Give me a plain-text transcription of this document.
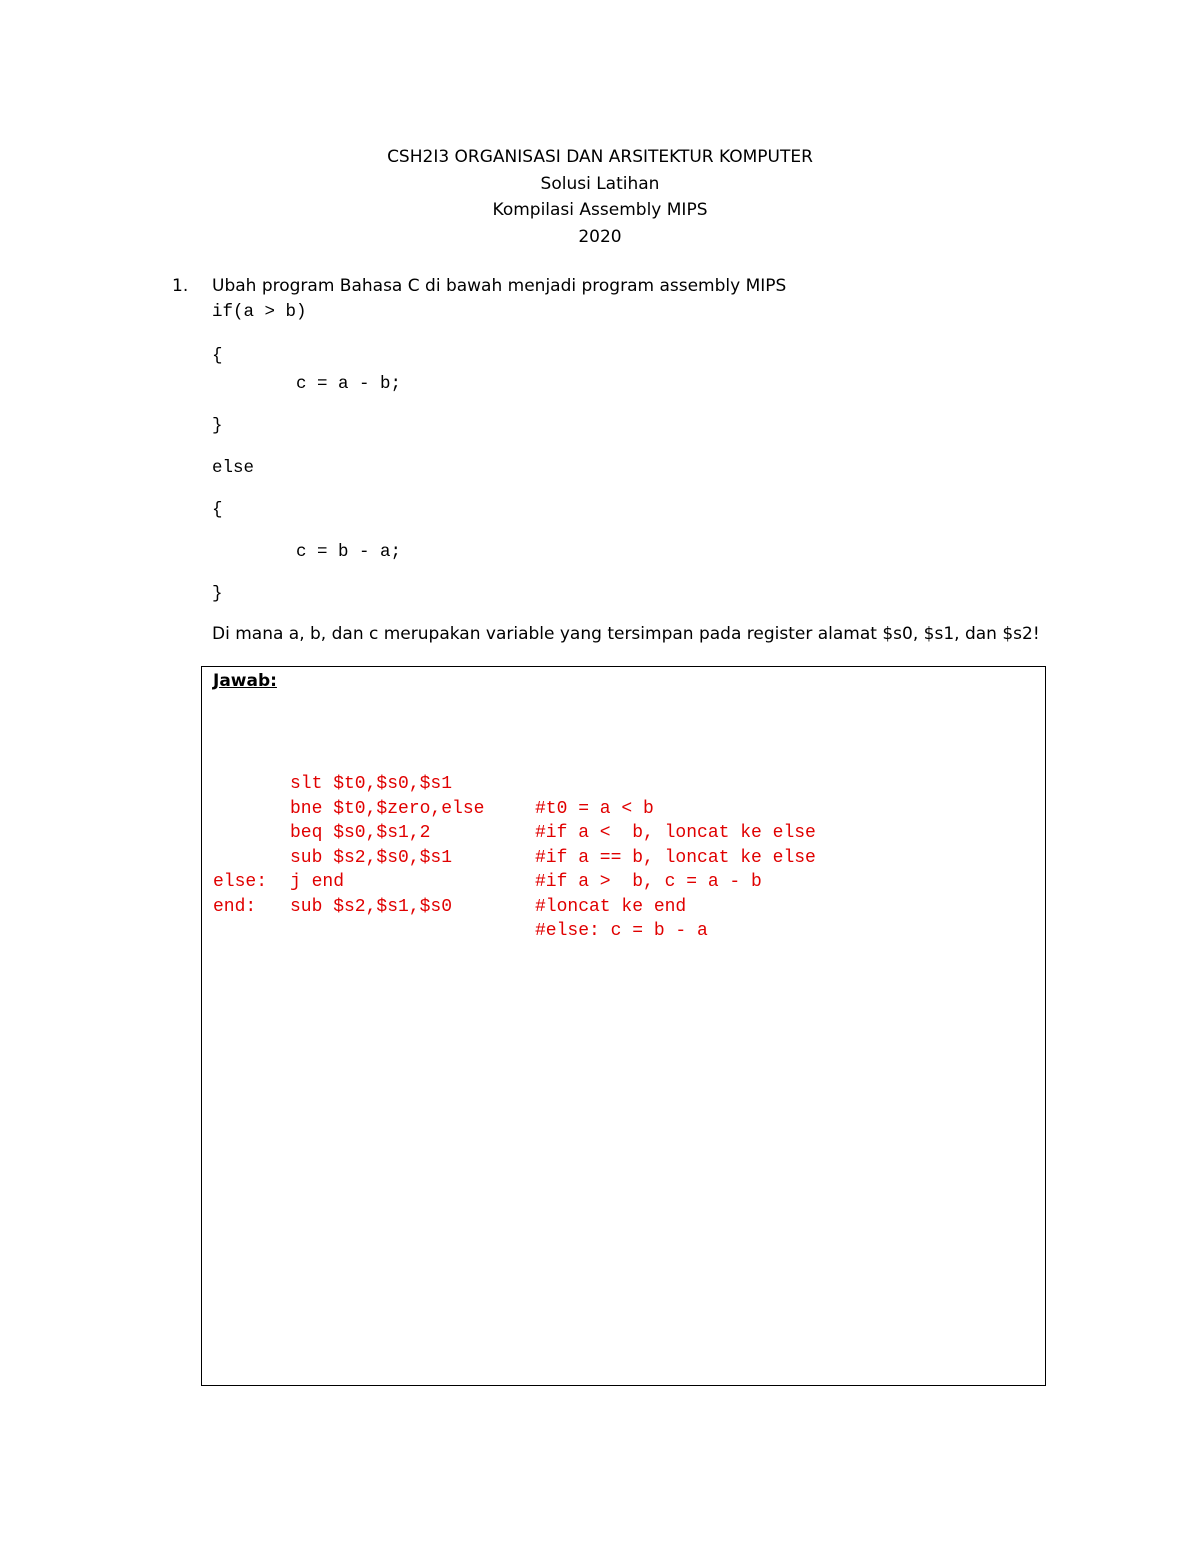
CSH2I3 ORGANISASI DAN ARSITEKTUR KOMPUTER
Solusi Latihan
Kompilasi Assembly MIPS
2020
1. Ubah program Bahasa C di bawah menjadi program assembly MIPS

if(a > b)

{

c = a - b;

}

else

{

c = b - a;

}

Di mana a, b, dan c merupakan variable yang tersimpan pada register alamat $s0, $s1, dan $s2!
Jawab:

slt $t0,$s0,$s1

#t0 = a < b

bne $t0,$zero,else

#if a <  b, loncat ke else

beq $s0,$s1,2

#if a == b, loncat ke else

sub $s2,$s0,$s1

#if a >  b, c = a - b

j end

#loncat ke end

else:

sub $s2,$s1,$s0

#else: c = b - a

end:
